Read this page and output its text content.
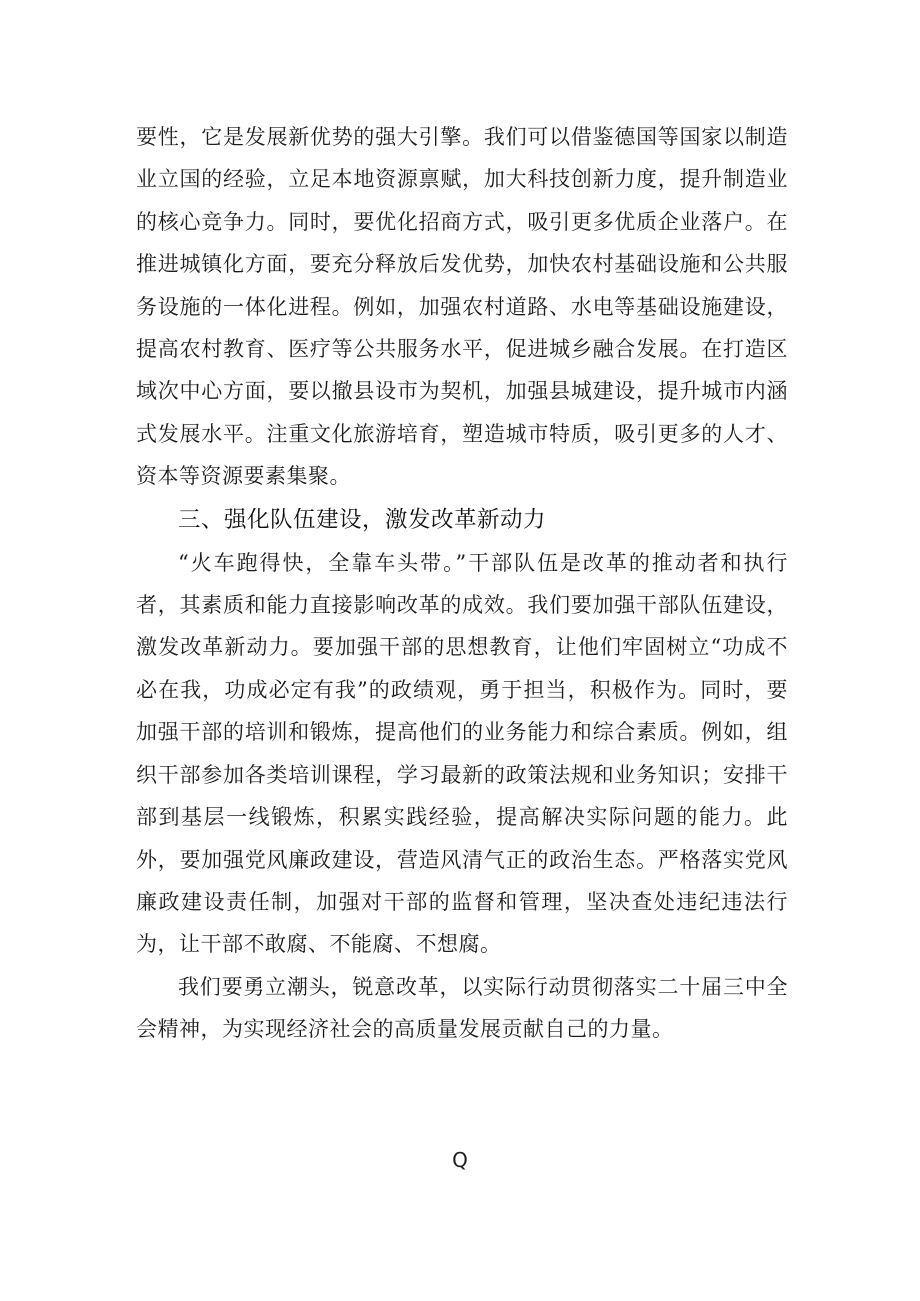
要性，它是发展新优势的强大引擎。我们可以借鉴德国等国家以制造业立国的经验，立足本地资源禀赋，加大科技创新力度，提升制造业的核心竞争力。同时，要优化招商方式，吸引更多优质企业落户。在推进城镇化方面，要充分释放后发优势，加快农村基础设施和公共服务设施的一体化进程。例如，加强农村道路、水电等基础设施建设，提高农村教育、医疗等公共服务水平，促进城乡融合发展。在打造区域次中心方面，要以撤县设市为契机，加强县城建设，提升城市内涵式发展水平。注重文化旅游培育，塑造城市特质，吸引更多的人才、资本等资源要素集聚。

三、强化队伍建设，激发改革新动力

“火车跑得快，全靠车头带。”干部队伍是改革的推动者和执行者，其素质和能力直接影响改革的成效。我们要加强干部队伍建设，激发改革新动力。要加强干部的思想教育，让他们牢固树立“功成不必在我，功成必定有我”的政绩观，勇于担当，积极作为。同时，要加强干部的培训和锻炼，提高他们的业务能力和综合素质。例如，组织干部参加各类培训课程，学习最新的政策法规和业务知识；安排干部到基层一线锻炼，积累实践经验，提高解决实际问题的能力。此外，要加强党风廉政建设，营造风清气正的政治生态。严格落实党风廉政建设责任制，加强对干部的监督和管理，坚决查处违纪违法行为，让干部不敢腐、不能腐、不想腐。

我们要勇立潮头，锐意改革，以实际行动贯彻落实二十届三中全会精神，为实现经济社会的高质量发展贡献自己的力量。

Q
